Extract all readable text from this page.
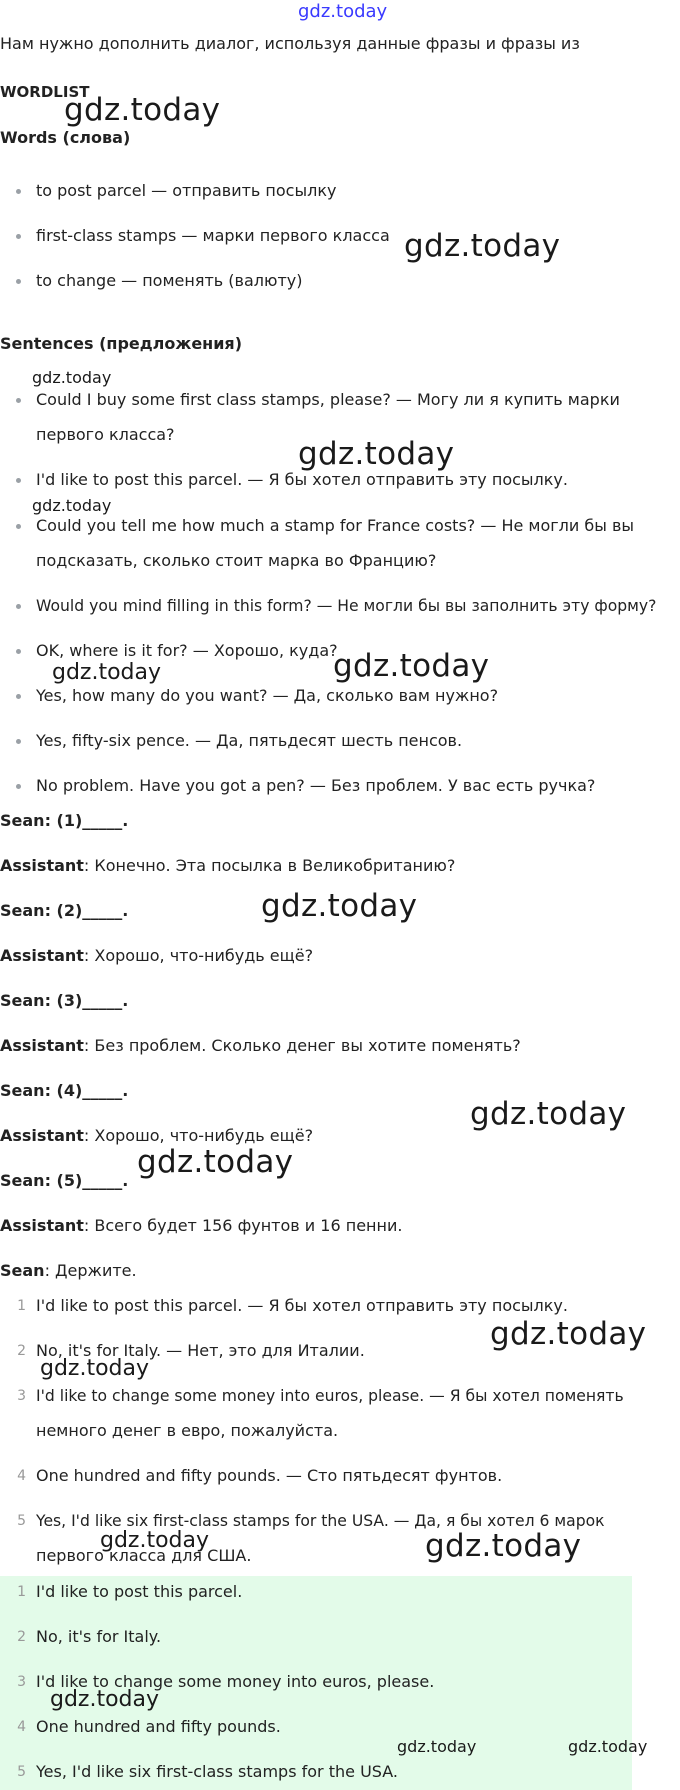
gdz.today
Нам нужно дополнить диалог, используя данные фразы и фразы из
WORDLIST
Words (слова)
to post parcel — отправить посылку
first-class stamps — марки первого класса
to change — поменять (валюту)
Sentences (предложения)
Could I buy some first class stamps, please? — Могу ли я купить марки
первого класса?
I'd like to post this parcel. — Я бы хотел отправить эту посылку.
Could you tell me how much a stamp for France costs? — Не могли бы вы
подсказать, сколько стоит марка во Францию?
Would you mind filling in this form? — Не могли бы вы заполнить эту форму?
OK, where is it for? — Хорошо, куда?
Yes, how many do you want? — Да, сколько вам нужно?
Yes, fifty-six pence. — Да, пятьдесят шесть пенсов.
No problem. Have you got a pen? — Без проблем. У вас есть ручка?
Sean: (1)_____.
Assistant: Конечно. Эта посылка в Великобританию?
Sean: (2)_____.
Assistant: Хорошо, что-нибудь ещё?
Sean: (3)_____.
Assistant: Без проблем. Сколько денег вы хотите поменять?
Sean: (4)_____.
Assistant: Хорошо, что-нибудь ещё?
Sean: (5)_____.
Assistant: Всего будет 156 фунтов и 16 пенни.
Sean: Держите.
1 I'd like to post this parcel. — Я бы хотел отправить эту посылку.
2 No, it's for Italy. — Нет, это для Италии.
3 I'd like to change some money into euros, please. — Я бы хотел поменять
немного денег в евро, пожалуйста.
4 One hundred and fifty pounds. — Сто пятьдесят фунтов.
5 Yes, I'd like six first-class stamps for the USA. — Да, я бы хотел 6 марок
первого класса для США.
1 I'd like to post this parcel.
2 No, it's for Italy.
3 I'd like to change some money into euros, please.
4 One hundred and fifty pounds.
5 Yes, I'd like six first-class stamps for the USA.
gdz.today
gdz.today
gdz.today
gdz.today
gdz.today
gdz.today
gdz.today
gdz.today
gdz.today
gdz.today
gdz.today
gdz.today
gdz.today	gdz.today
gdz.today
gdz.today	gdz.today
